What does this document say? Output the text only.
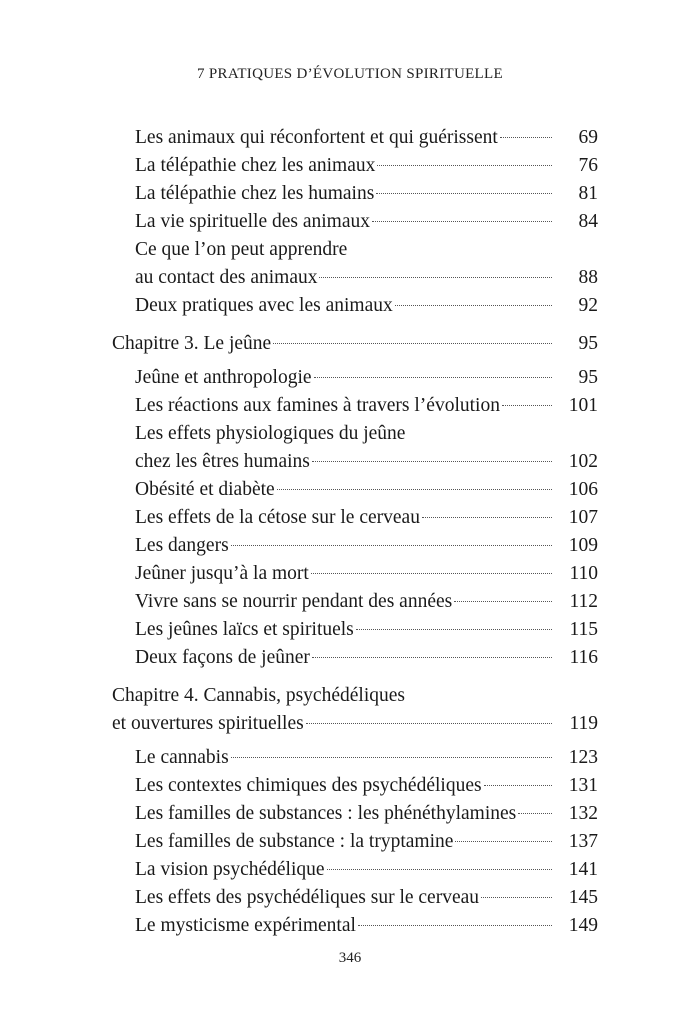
7 PRATIQUES D’ÉVOLUTION SPIRITUELLE
Les animaux qui réconfortent et qui guérissent	69
La télépathie chez les animaux	76
La télépathie chez les humains	81
La vie spirituelle des animaux	84
Ce que l’on peut apprendre
au contact des animaux	88
Deux pratiques avec les animaux	92
Chapitre 3. Le jeûne	95
Jeûne et anthropologie	95
Les réactions aux famines à travers l’évolution	101
Les effets physiologiques du jeûne
chez les êtres humains	102
Obésité et diabète	106
Les effets de la cétose sur le cerveau	107
Les dangers	109
Jeûner jusqu’à la mort	110
Vivre sans se nourrir pendant des années	112
Les jeûnes laïcs et spirituels	115
Deux façons de jeûner	116
Chapitre 4. Cannabis, psychédéliques
et ouvertures spirituelles	119
Le cannabis	123
Les contextes chimiques des psychédéliques	131
Les familles de substances : les phénéthylamines	132
Les familles de substance : la tryptamine	137
La vision psychédélique	141
Les effets des psychédéliques sur le cerveau	145
Le mysticisme expérimental	149
346
